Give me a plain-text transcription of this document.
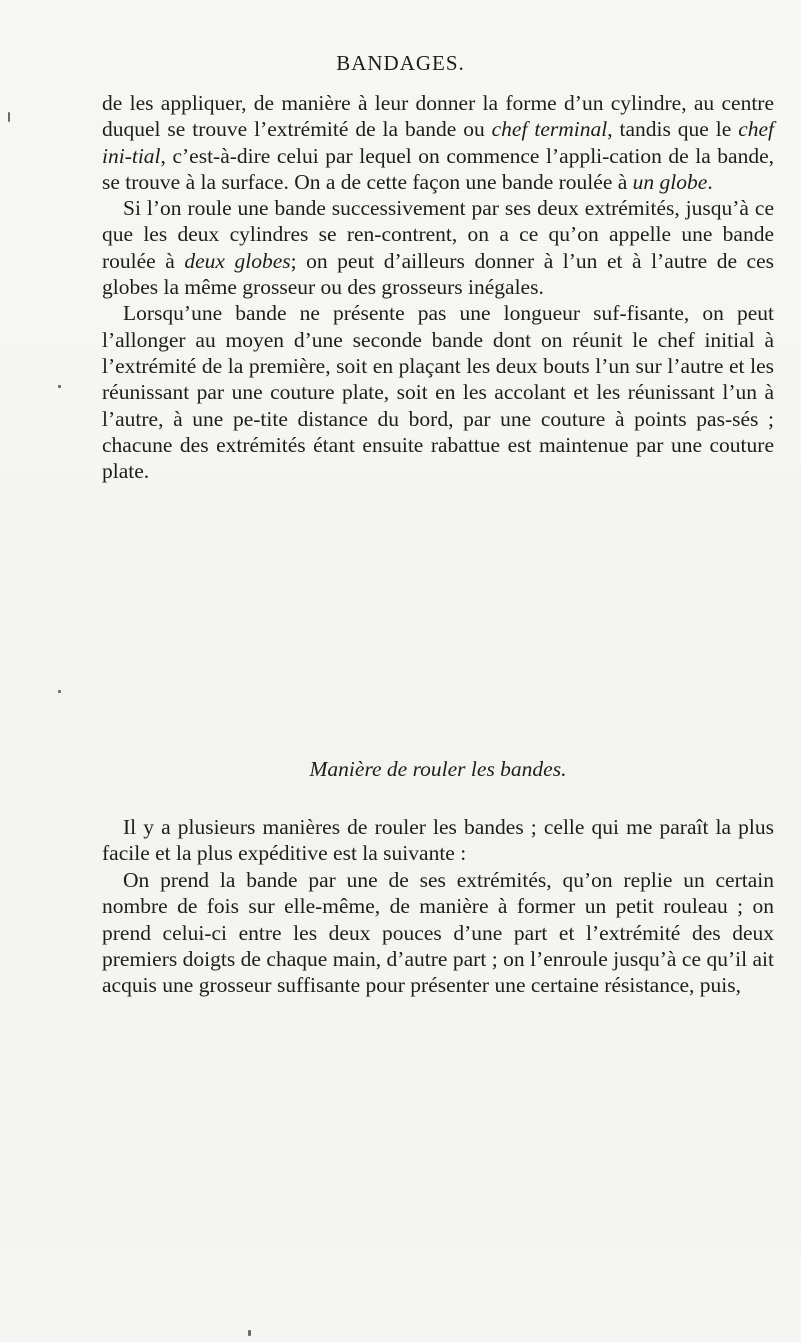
BANDAGES.

de les appliquer, de manière à leur donner la forme d’un cylindre, au centre duquel se trouve l’extrémité de la bande ou chef terminal, tandis que le chef ini-tial, c’est-à-dire celui par lequel on commence l’appli-cation de la bande, se trouve à la surface. On a de cette façon une bande roulée à un globe.

Si l’on roule une bande successivement par ses deux extrémités, jusqu’à ce que les deux cylindres se ren-contrent, on a ce qu’on appelle une bande roulée à deux globes; on peut d’ailleurs donner à l’un et à l’autre de ces globes la même grosseur ou des grosseurs inégales.

Lorsqu’une bande ne présente pas une longueur suf-fisante, on peut l’allonger au moyen d’une seconde bande dont on réunit le chef initial à l’extrémité de la première, soit en plaçant les deux bouts l’un sur l’autre et les réunissant par une couture plate, soit en les accolant et les réunissant l’un à l’autre, à une pe-tite distance du bord, par une couture à points pas-sés ; chacune des extrémités étant ensuite rabattue est maintenue par une couture plate.

Manière de rouler les bandes.

Il y a plusieurs manières de rouler les bandes ; celle qui me paraît la plus facile et la plus expéditive est la suivante :

On prend la bande par une de ses extrémités, qu’on replie un certain nombre de fois sur elle-même, de manière à former un petit rouleau ; on prend celui-ci entre les deux pouces d’une part et l’extrémité des deux premiers doigts de chaque main, d’autre part ; on l’enroule jusqu’à ce qu’il ait acquis une grosseur suffisante pour présenter une certaine résistance, puis,
